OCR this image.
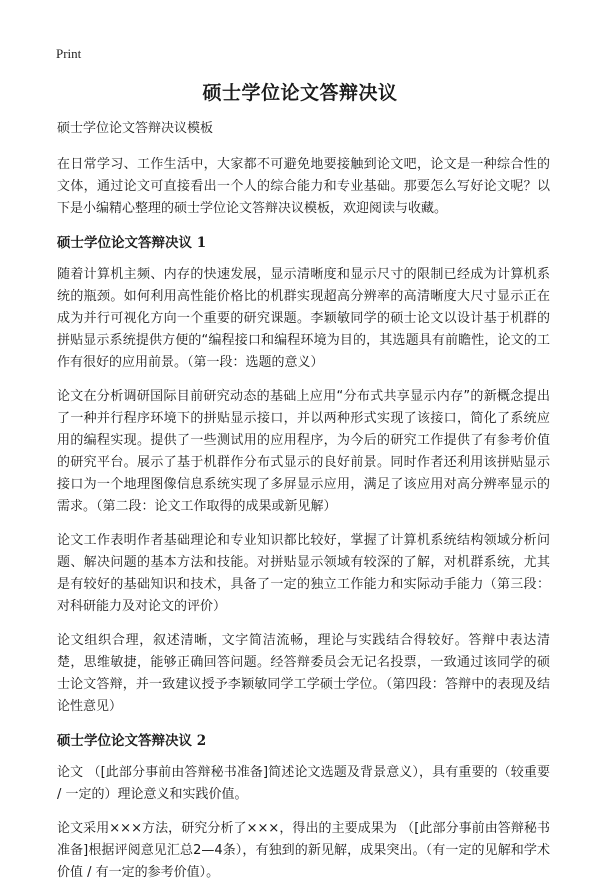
Print
硕士学位论文答辩决议

硕士学位论文答辩决议模板

在日常学习、工作生活中，大家都不可避免地要接触到论文吧，论文是一种综合性的文体，通过论文可直接看出一个人的综合能力和专业基础。那要怎么写好论文呢？以下是小编精心整理的硕士学位论文答辩决议模板，欢迎阅读与收藏。

硕士学位论文答辩决议 1

随着计算机主频、内存的快速发展，显示清晰度和显示尺寸的限制已经成为计算机系统的瓶颈。如何利用高性能价格比的机群实现超高分辨率的高清晰度大尺寸显示正在成为并行可视化方向一个重要的研究课题。李颖敏同学的硕士论文以设计基于机群的拼贴显示系统提供方便的“编程接口和编程环境为目的，其选题具有前瞻性，论文的工作有很好的应用前景。（第一段：选题的意义）

论文在分析调研国际目前研究动态的基础上应用“分布式共享显示内存”的新概念提出了一种并行程序环境下的拼贴显示接口，并以两种形式实现了该接口，简化了系统应用的编程实现。提供了一些测试用的应用程序，为今后的研究工作提供了有参考价值的研究平台。展示了基于机群作分布式显示的良好前景。同时作者还利用该拼贴显示接口为一个地理图像信息系统实现了多屏显示应用，满足了该应用对高分辨率显示的需求。（第二段：论文工作取得的成果或新见解）

论文工作表明作者基础理论和专业知识都比较好，掌握了计算机系统结构领域分析问题、解决问题的基本方法和技能。对拼贴显示领域有较深的了解，对机群系统，尤其是有较好的基础知识和技术，具备了一定的独立工作能力和实际动手能力（第三段：对科研能力及对论文的评价）

论文组织合理，叙述清晰，文字简洁流畅，理论与实践结合得较好。答辩中表达清楚，思维敏捷，能够正确回答问题。经答辩委员会无记名投票，一致通过该同学的硕士论文答辩，并一致建议授予李颖敏同学工学硕士学位。（第四段：答辩中的表现及结论性意见）

硕士学位论文答辩决议 2

论文 （[此部分事前由答辩秘书准备]简述论文选题及背景意义），具有重要的（较重要 / 一定的）理论意义和实践价值。

论文采用×××方法，研究分析了×××，得出的主要成果为 （[此部分事前由答辩秘书准备]根据评阅意见汇总2—4条），有独到的新见解，成果突出。（有一定的见解和学术价值 / 有一定的参考价值）。
